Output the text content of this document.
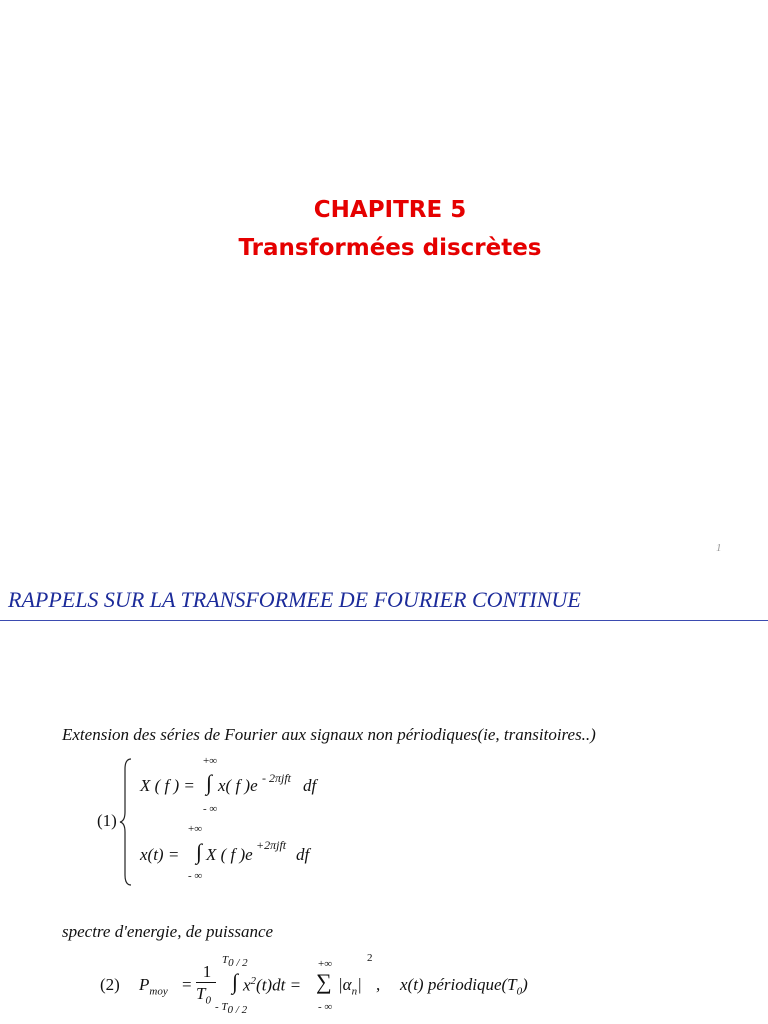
CHAPITRE 5
Transformées discrètes
1
RAPPELS SUR LA TRANSFORMEE DE FOURIER CONTINUE
Extension des séries de Fourier aux signaux non périodiques(ie, transitoires..)
(1)
+∞
X ( f ) = ∫ x( f )e - 2πjft df
- ∞
+∞
x(t) = ∫ X ( f )e +2πjft df
- ∞
spectre d'energie, de puissance
(2) $P_{moy}$ =
1
$T_0$
$T_{0 / 2}$
∫ $x^2(t)dt$ =
- $T_{0 / 2}$
+∞
∑
- ∞
$|\alpha_n|$
2
, x(t) $périodique(T_0)$
